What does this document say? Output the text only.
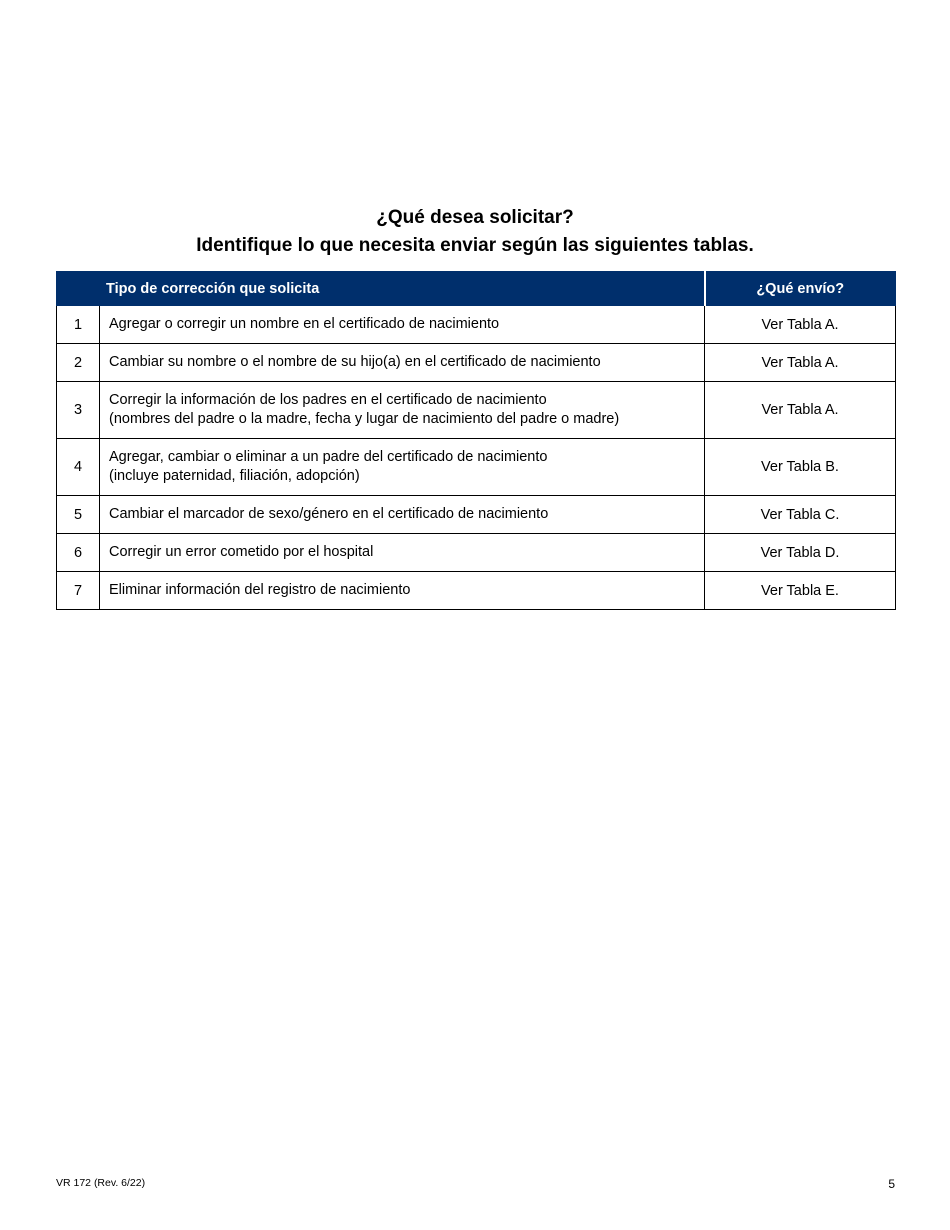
¿Qué desea solicitar?
Identifique lo que necesita enviar según las siguientes tablas.
	Tipo de corrección que solicita	¿Qué envío?
1	Agregar o corregir un nombre en el certificado de nacimiento	Ver Tabla A.
2	Cambiar su nombre o el nombre de su hijo(a) en el certificado de nacimiento	Ver Tabla A.
3	Corregir la información de los padres en el certificado de nacimiento
(nombres del padre o la madre, fecha y lugar de nacimiento del padre o madre)	Ver Tabla A.
4	Agregar, cambiar o eliminar a un padre del certificado de nacimiento
(incluye paternidad, filiación, adopción)	Ver Tabla B.
5	Cambiar el marcador de sexo/género en el certificado de nacimiento	Ver Tabla C.
6	Corregir un error cometido por el hospital	Ver Tabla D.
7	Eliminar información del registro de nacimiento	Ver Tabla E.
VR 172 (Rev. 6/22)	5
